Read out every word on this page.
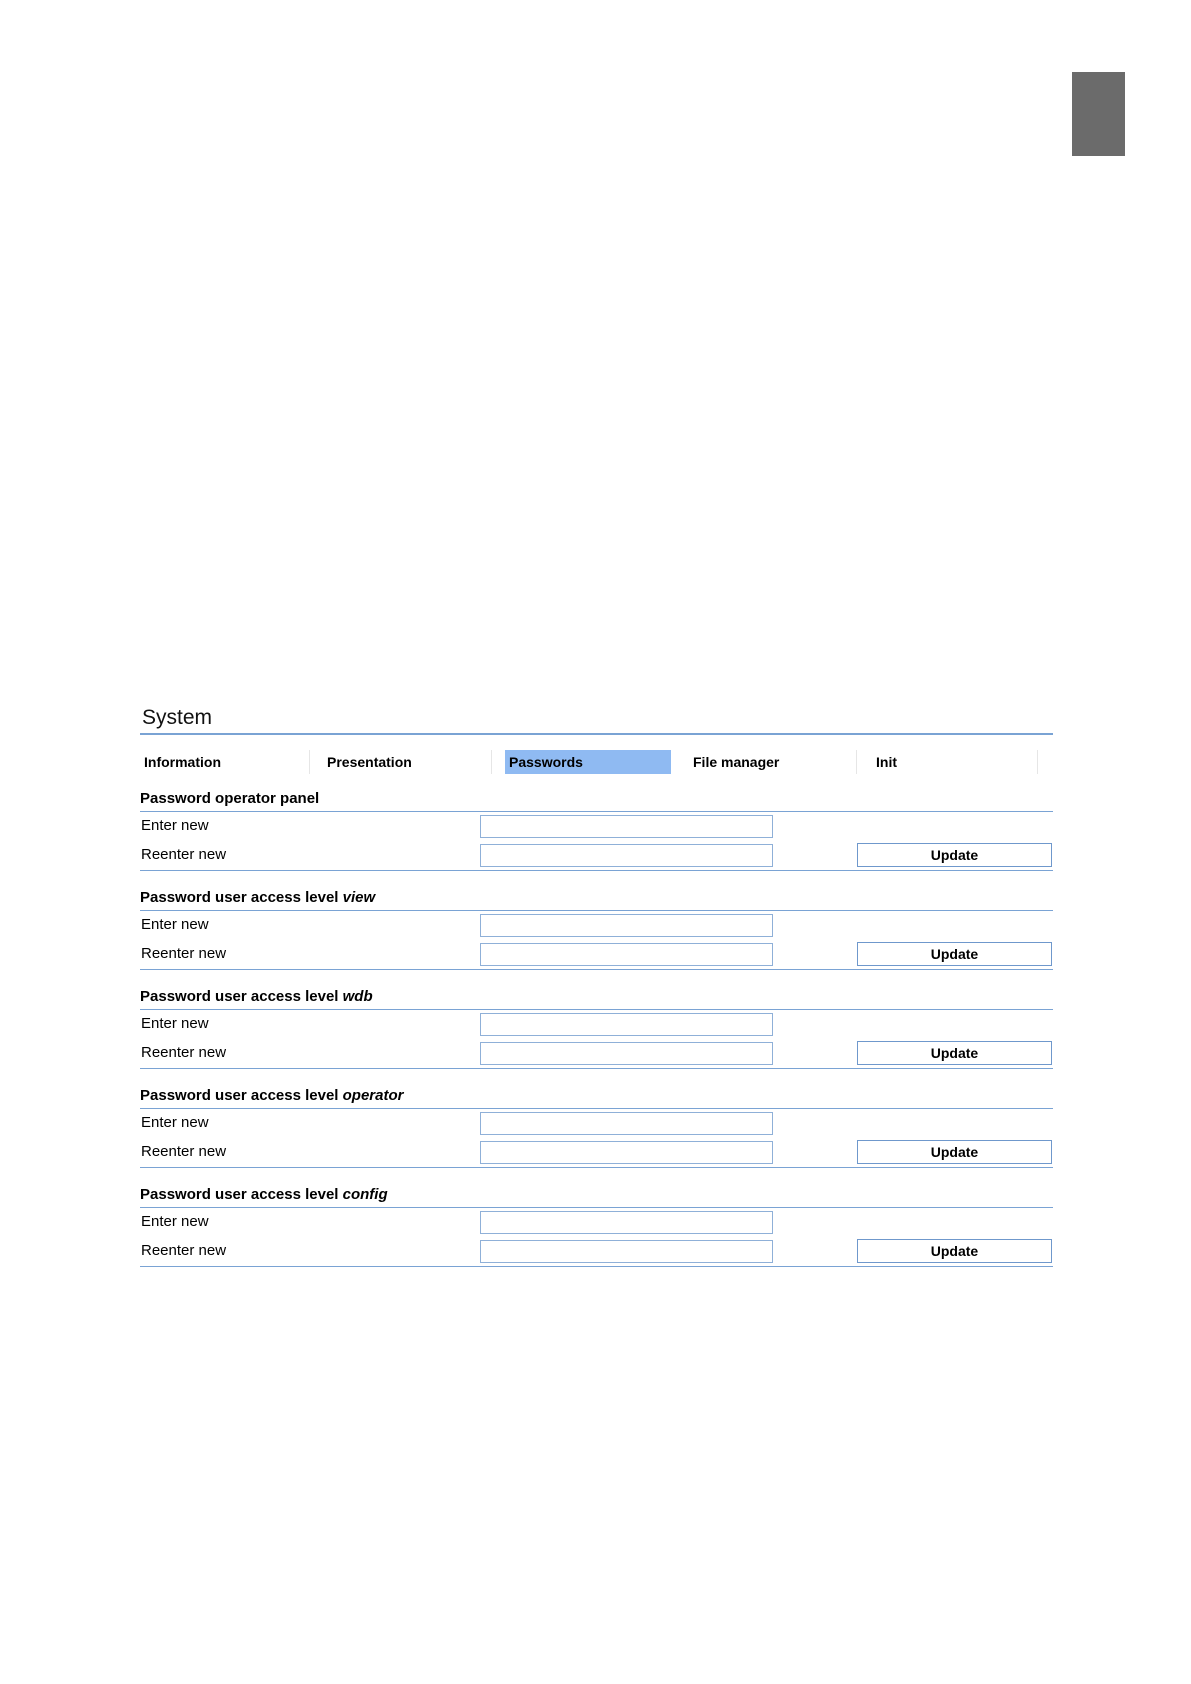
System
Information	Presentation	Passwords	File manager	Init
Password operator panel
Enter new
Reenter new	Update
Password user access level view
Enter new
Reenter new	Update
Password user access level wdb
Enter new
Reenter new	Update
Password user access level operator
Enter new
Reenter new	Update
Password user access level config
Enter new
Reenter new	Update
